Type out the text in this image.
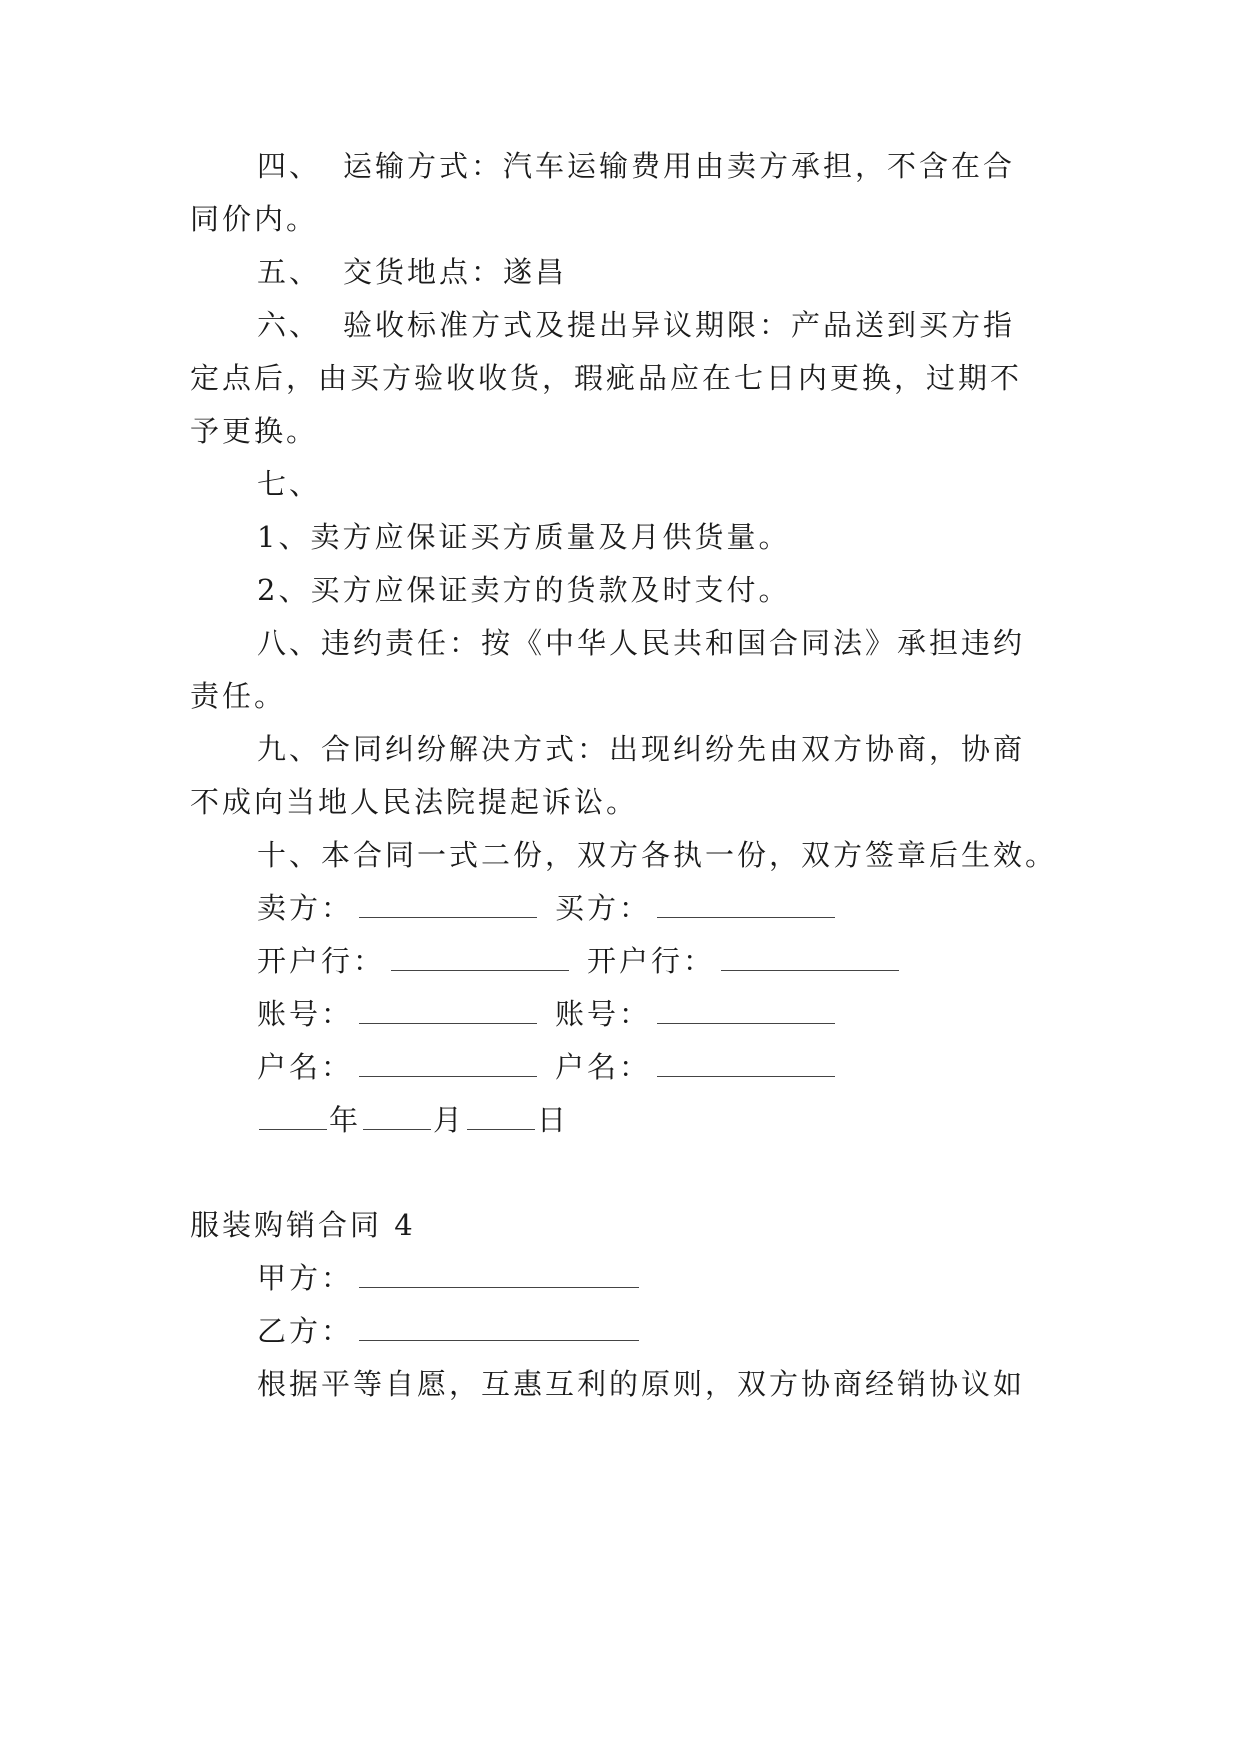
四、 运输方式：汽车运输费用由卖方承担，不含在合
同价内。
五、 交货地点：遂昌
六、 验收标准方式及提出异议期限：产品送到买方指
定点后，由买方验收收货，瑕疵品应在七日内更换，过期不
予更换。
七、
1、卖方应保证买方质量及月供货量。
2、买方应保证卖方的货款及时支付。
八、违约责任：按《中华人民共和国合同法》承担违约
责任。
九、合同纠纷解决方式：出现纠纷先由双方协商，协商
不成向当地人民法院提起诉讼。
十、本合同一式二份，双方各执一份，双方签章后生效。
卖方：	买方：
开户行：	开户行：
账号：	账号：
户名：	户名：
年 月 日
服装购销合同 4
甲方：
乙方：
根据平等自愿，互惠互利的原则，双方协商经销协议如
